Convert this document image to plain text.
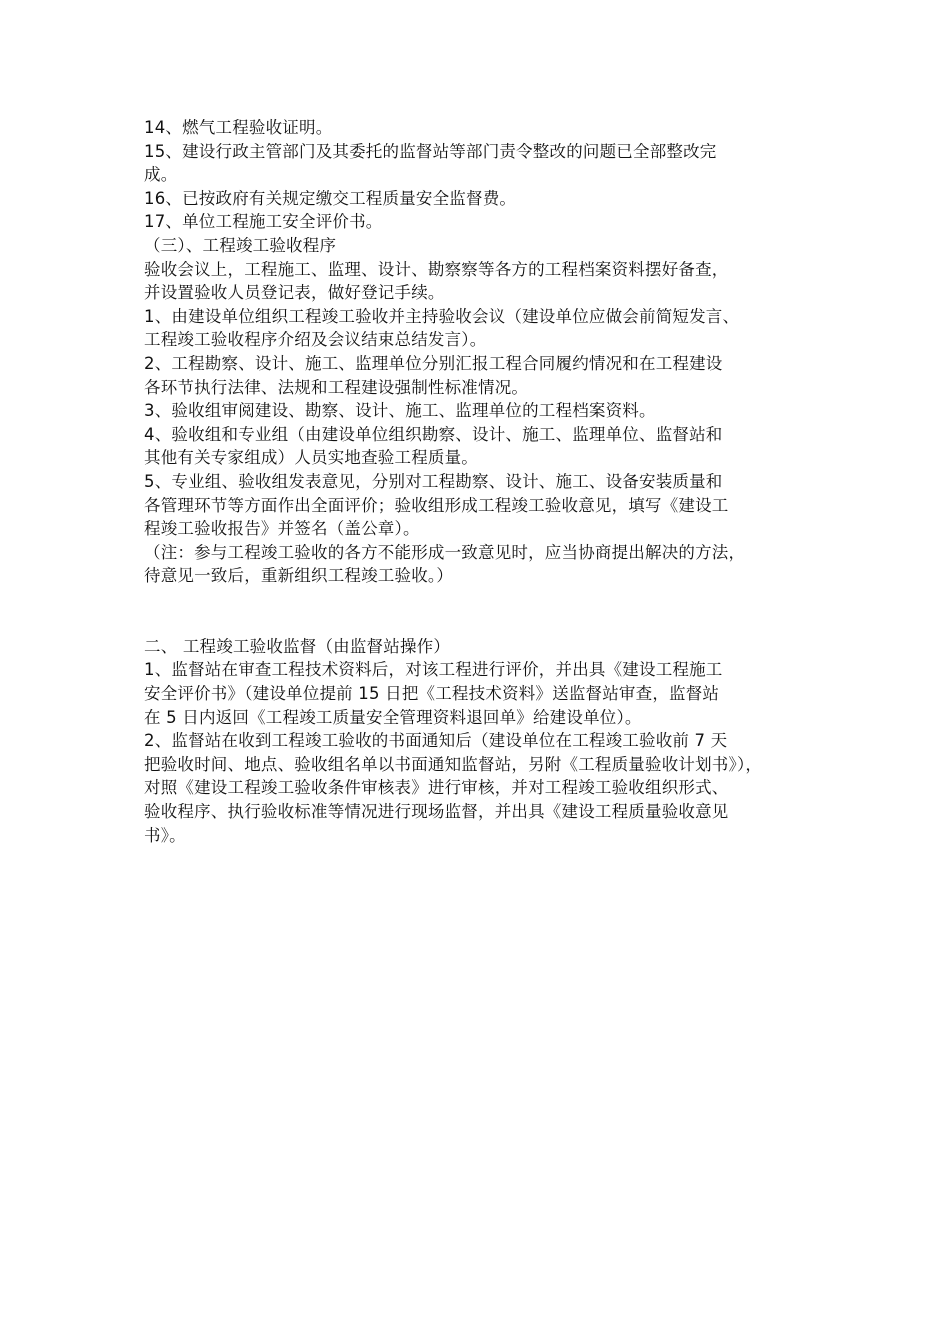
14、燃气工程验收证明。
15、建设行政主管部门及其委托的监督站等部门责令整改的问题已全部整改完
成。
16、已按政府有关规定缴交工程质量安全监督费。
17、单位工程施工安全评价书。
（三）、工程竣工验收程序
验收会议上，工程施工、监理、设计、勘察察等各方的工程档案资料摆好备查，
并设置验收人员登记表，做好登记手续。
1、由建设单位组织工程竣工验收并主持验收会议（建设单位应做会前简短发言、
工程竣工验收程序介绍及会议结束总结发言）。
2、工程勘察、设计、施工、监理单位分别汇报工程合同履约情况和在工程建设
各环节执行法律、法规和工程建设强制性标准情况。
3、验收组审阅建设、勘察、设计、施工、监理单位的工程档案资料。
4、验收组和专业组（由建设单位组织勘察、设计、施工、监理单位、监督站和
其他有关专家组成）人员实地查验工程质量。
5、专业组、验收组发表意见，分别对工程勘察、设计、施工、设备安装质量和
各管理环节等方面作出全面评价；验收组形成工程竣工验收意见，填写《建设工
程竣工验收报告》并签名（盖公章）。
（注：参与工程竣工验收的各方不能形成一致意见时，应当协商提出解决的方法，
待意见一致后，重新组织工程竣工验收。）
二、 工程竣工验收监督（由监督站操作）
1、监督站在审查工程技术资料后，对该工程进行评价，并出具《建设工程施工
安全评价书》（建设单位提前 15 日把《工程技术资料》送监督站审查，监督站
在 5 日内返回《工程竣工质量安全管理资料退回单》给建设单位）。
2、监督站在收到工程竣工验收的书面通知后（建设单位在工程竣工验收前 7 天
把验收时间、地点、验收组名单以书面通知监督站，另附《工程质量验收计划书》），
对照《建设工程竣工验收条件审核表》进行审核，并对工程竣工验收组织形式、
验收程序、执行验收标准等情况进行现场监督，并出具《建设工程质量验收意见
书》。
